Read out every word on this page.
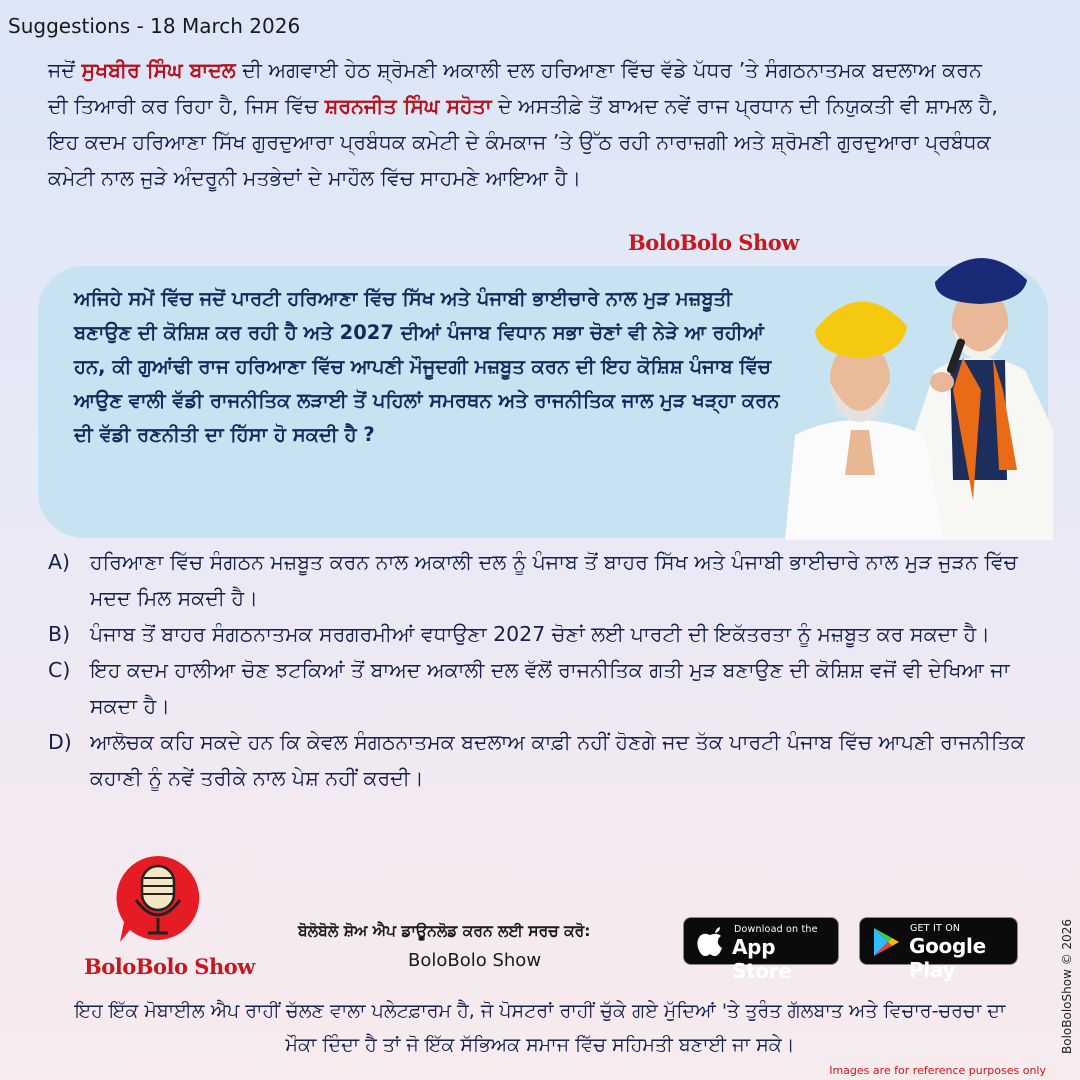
Suggestions - 18 March 2026

ਜਦੋਂ ਸੁਖਬੀਰ ਸਿੰਘ ਬਾਦਲ ਦੀ ਅਗਵਾਈ ਹੇਠ ਸ਼੍ਰੋਮਣੀ ਅਕਾਲੀ ਦਲ ਹਰਿਆਣਾ ਵਿੱਚ ਵੱਡੇ ਪੱਧਰ ’ਤੇ ਸੰਗਠਨਾਤਮਕ ਬਦਲਾਅ ਕਰਨ ਦੀ ਤਿਆਰੀ ਕਰ ਰਿਹਾ ਹੈ, ਜਿਸ ਵਿੱਚ ਸ਼ਰਨਜੀਤ ਸਿੰਘ ਸਹੋਤਾ ਦੇ ਅਸਤੀਫ਼ੇ ਤੋਂ ਬਾਅਦ ਨਵੇਂ ਰਾਜ ਪ੍ਰਧਾਨ ਦੀ ਨਿਯੁਕਤੀ ਵੀ ਸ਼ਾਮਲ ਹੈ, ਇਹ ਕਦਮ ਹਰਿਆਣਾ ਸਿੱਖ ਗੁਰਦੁਆਰਾ ਪ੍ਰਬੰਧਕ ਕਮੇਟੀ ਦੇ ਕੰਮਕਾਜ ’ਤੇ ਉੱਠ ਰਹੀ ਨਾਰਾਜ਼ਗੀ ਅਤੇ ਸ਼੍ਰੋਮਣੀ ਗੁਰਦੁਆਰਾ ਪ੍ਰਬੰਧਕ ਕਮੇਟੀ ਨਾਲ ਜੁੜੇ ਅੰਦਰੂਨੀ ਮਤਭੇਦਾਂ ਦੇ ਮਾਹੌਲ ਵਿੱਚ ਸਾਹਮਣੇ ਆਇਆ ਹੈ।

BoloBolo Show

ਅਜਿਹੇ ਸਮੇਂ ਵਿੱਚ ਜਦੋਂ ਪਾਰਟੀ ਹਰਿਆਣਾ ਵਿੱਚ ਸਿੱਖ ਅਤੇ ਪੰਜਾਬੀ ਭਾਈਚਾਰੇ ਨਾਲ ਮੁੜ ਮਜ਼ਬੂਤੀ ਬਣਾਉਣ ਦੀ ਕੋਸ਼ਿਸ਼ ਕਰ ਰਹੀ ਹੈ ਅਤੇ 2027 ਦੀਆਂ ਪੰਜਾਬ ਵਿਧਾਨ ਸਭਾ ਚੋਣਾਂ ਵੀ ਨੇੜੇ ਆ ਰਹੀਆਂ ਹਨ, ਕੀ ਗੁਆਂਢੀ ਰਾਜ ਹਰਿਆਣਾ ਵਿੱਚ ਆਪਣੀ ਮੌਜੂਦਗੀ ਮਜ਼ਬੂਤ ਕਰਨ ਦੀ ਇਹ ਕੋਸ਼ਿਸ਼ ਪੰਜਾਬ ਵਿੱਚ ਆਉਣ ਵਾਲੀ ਵੱਡੀ ਰਾਜਨੀਤਿਕ ਲੜਾਈ ਤੋਂ ਪਹਿਲਾਂ ਸਮਰਥਨ ਅਤੇ ਰਾਜਨੀਤਿਕ ਜਾਲ ਮੁੜ ਖੜ੍ਹਾ ਕਰਨ ਦੀ ਵੱਡੀ ਰਣਨੀਤੀ ਦਾ ਹਿੱਸਾ ਹੋ ਸਕਦੀ ਹੈ ?

A) ਹਰਿਆਣਾ ਵਿੱਚ ਸੰਗਠਨ ਮਜ਼ਬੂਤ ਕਰਨ ਨਾਲ ਅਕਾਲੀ ਦਲ ਨੂੰ ਪੰਜਾਬ ਤੋਂ ਬਾਹਰ ਸਿੱਖ ਅਤੇ ਪੰਜਾਬੀ ਭਾਈਚਾਰੇ ਨਾਲ ਮੁੜ ਜੁੜਨ ਵਿੱਚ ਮਦਦ ਮਿਲ ਸਕਦੀ ਹੈ।
B) ਪੰਜਾਬ ਤੋਂ ਬਾਹਰ ਸੰਗਠਨਾਤਮਕ ਸਰਗਰਮੀਆਂ ਵਧਾਉਣਾ 2027 ਚੋਣਾਂ ਲਈ ਪਾਰਟੀ ਦੀ ਇਕੱਤਰਤਾ ਨੂੰ ਮਜ਼ਬੂਤ ਕਰ ਸਕਦਾ ਹੈ।
C) ਇਹ ਕਦਮ ਹਾਲੀਆ ਚੋਣ ਝਟਕਿਆਂ ਤੋਂ ਬਾਅਦ ਅਕਾਲੀ ਦਲ ਵੱਲੋਂ ਰਾਜਨੀਤਿਕ ਗਤੀ ਮੁੜ ਬਣਾਉਣ ਦੀ ਕੋਸ਼ਿਸ਼ ਵਜੋਂ ਵੀ ਦੇਖਿਆ ਜਾ ਸਕਦਾ ਹੈ।
D) ਆਲੋਚਕ ਕਹਿ ਸਕਦੇ ਹਨ ਕਿ ਕੇਵਲ ਸੰਗਠਨਾਤਮਕ ਬਦਲਾਅ ਕਾਫ਼ੀ ਨਹੀਂ ਹੋਣਗੇ ਜਦ ਤੱਕ ਪਾਰਟੀ ਪੰਜਾਬ ਵਿੱਚ ਆਪਣੀ ਰਾਜਨੀਤਿਕ ਕਹਾਣੀ ਨੂੰ ਨਵੇਂ ਤਰੀਕੇ ਨਾਲ ਪੇਸ਼ ਨਹੀਂ ਕਰਦੀ।
BoloBolo Show
ਬੋਲੋਬੋਲੋ ਸ਼ੋਅ ਐਪ ਡਾਊਨਲੋਡ ਕਰਨ ਲਈ ਸਰਚ ਕਰੋ:
BoloBolo Show
Download on the
App Store
GET IT ON
Google Play

ਇਹ ਇੱਕ ਮੋਬਾਈਲ ਐਪ ਰਾਹੀਂ ਚੱਲਣ ਵਾਲਾ ਪਲੇਟਫ਼ਾਰਮ ਹੈ, ਜੋ ਪੋਸਟਰਾਂ ਰਾਹੀਂ ਚੁੱਕੇ ਗਏ ਮੁੱਦਿਆਂ 'ਤੇ ਤੁਰੰਤ ਗੱਲਬਾਤ ਅਤੇ ਵਿਚਾਰ-ਚਰਚਾ ਦਾ ਮੌਕਾ ਦਿੰਦਾ ਹੈ ਤਾਂ ਜੋ ਇੱਕ ਸੱਭਿਅਕ ਸਮਾਜ ਵਿੱਚ ਸਹਿਮਤੀ ਬਣਾਈ ਜਾ ਸਕੇ।	BoloBoloShow © 2026
Images are for reference purposes only
